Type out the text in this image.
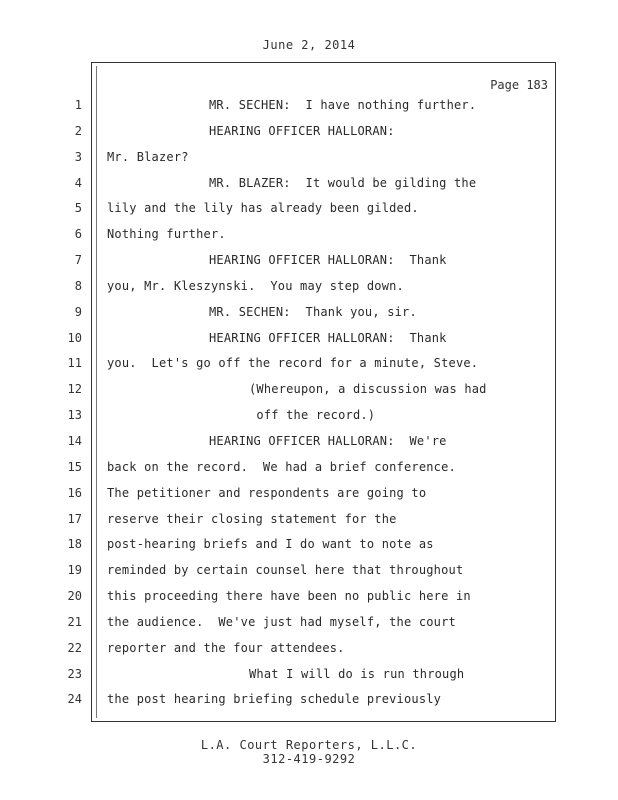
June 2, 2014
Page 183
1
2
3
4
5
6
7
8
9
10
11
12
13
14
15
16
17
18
19
20
21
22
23
24
MR. SECHEN:  I have nothing further.
HEARING OFFICER HALLORAN:
Mr. Blazer?
MR. BLAZER:  It would be gilding the
lily and the lily has already been gilded.
Nothing further.
HEARING OFFICER HALLORAN:  Thank
you, Mr. Kleszynski.  You may step down.
MR. SECHEN:  Thank you, sir.
HEARING OFFICER HALLORAN:  Thank
you.  Let's go off the record for a minute, Steve.
(Whereupon, a discussion was had
off the record.)
HEARING OFFICER HALLORAN:  We're
back on the record.  We had a brief conference.
The petitioner and respondents are going to
reserve their closing statement for the
post-hearing briefs and I do want to note as
reminded by certain counsel here that throughout
this proceeding there have been no public here in
the audience.  We've just had myself, the court
reporter and the four attendees.
What I will do is run through
the post hearing briefing schedule previously
L.A. Court Reporters, L.L.C.
312-419-9292
